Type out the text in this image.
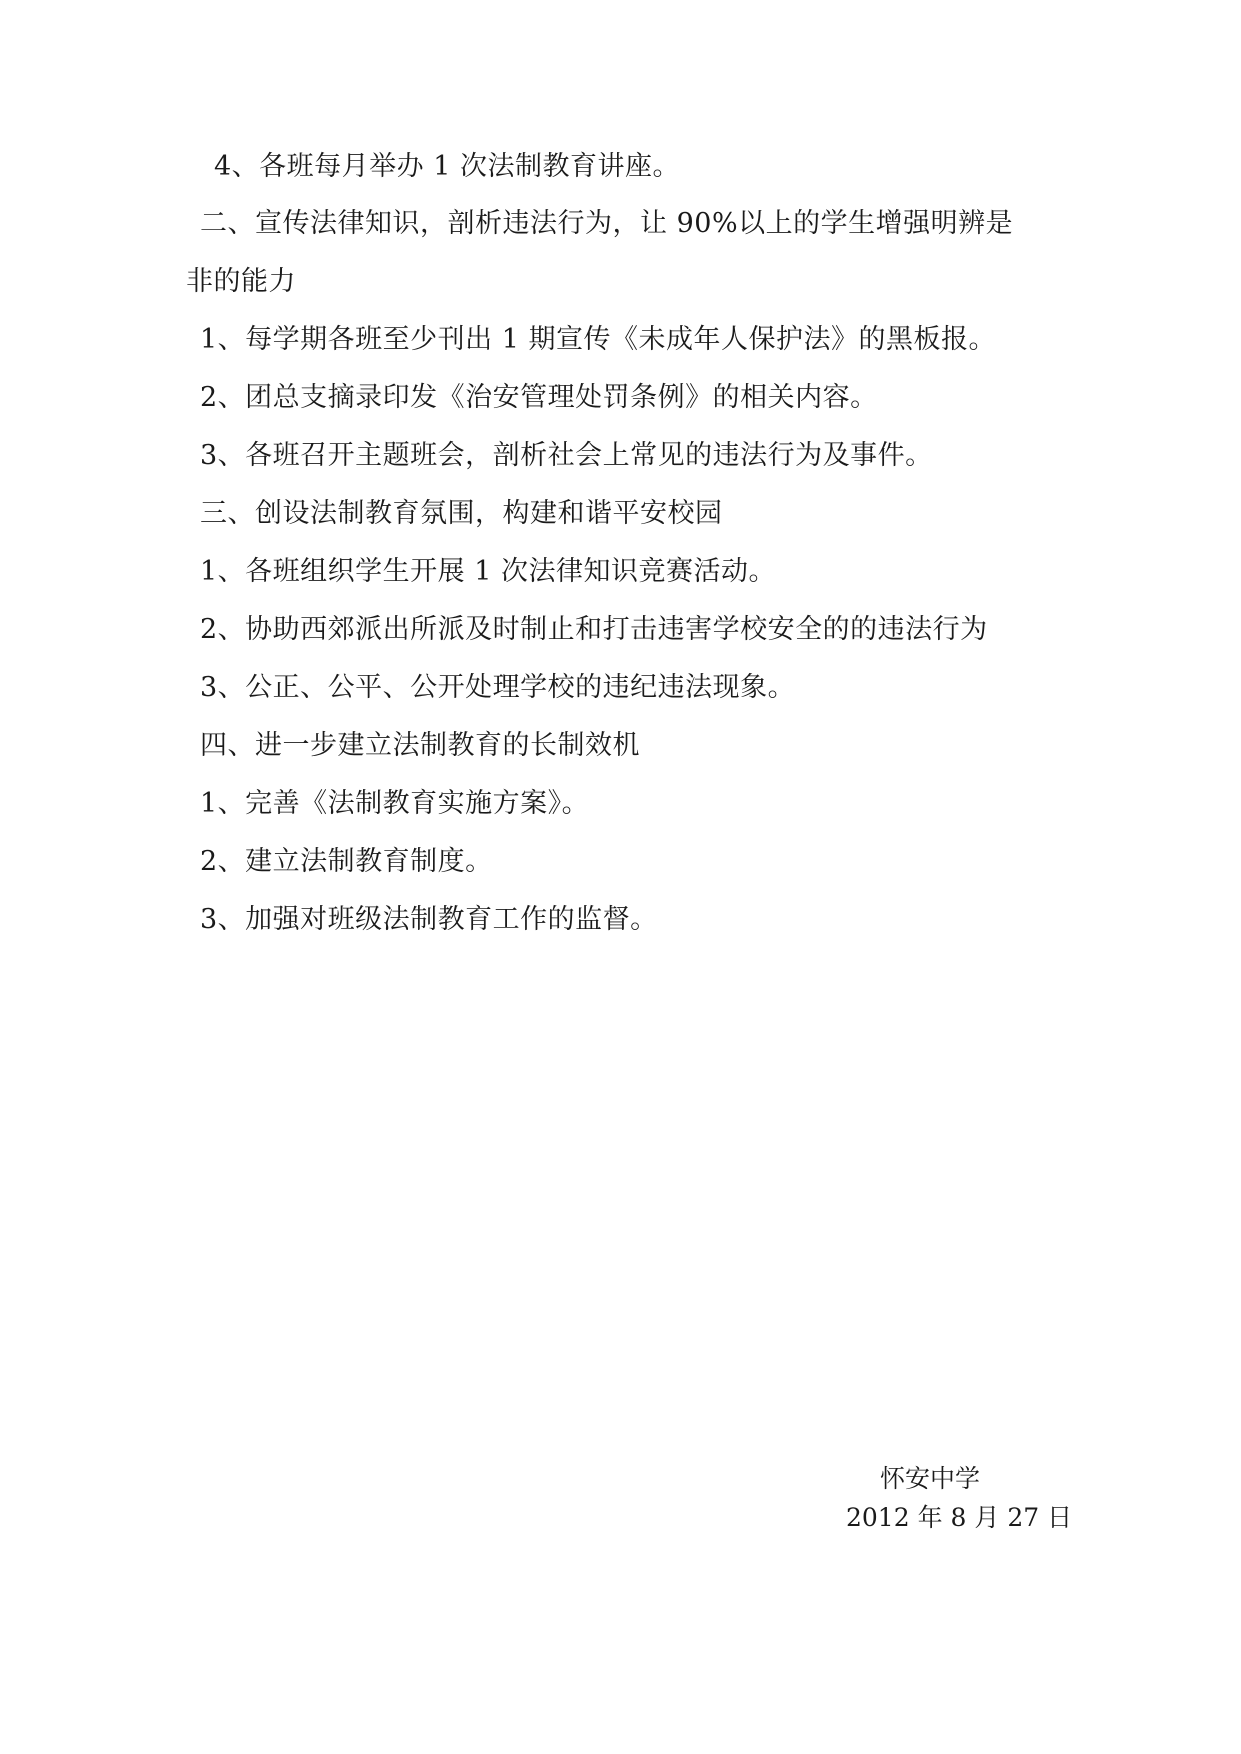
4、各班每月举办 1 次法制教育讲座。
二、宣传法律知识，剖析违法行为，让 90%以上的学生增强明辨是
非的能力
1、每学期各班至少刊出 1 期宣传《未成年人保护法》的黑板报。
2、团总支摘录印发《治安管理处罚条例》的相关内容。
3、各班召开主题班会，剖析社会上常见的违法行为及事件。
三、创设法制教育氛围，构建和谐平安校园
1、各班组织学生开展 1 次法律知识竞赛活动。
2、协助西郊派出所派及时制止和打击违害学校安全的的违法行为
3、公正、公平、公开处理学校的违纪违法现象。
四、进一步建立法制教育的长制效机
1、完善《法制教育实施方案》。
2、建立法制教育制度。
3、加强对班级法制教育工作的监督。
怀安中学
2012 年 8 月 27 日
